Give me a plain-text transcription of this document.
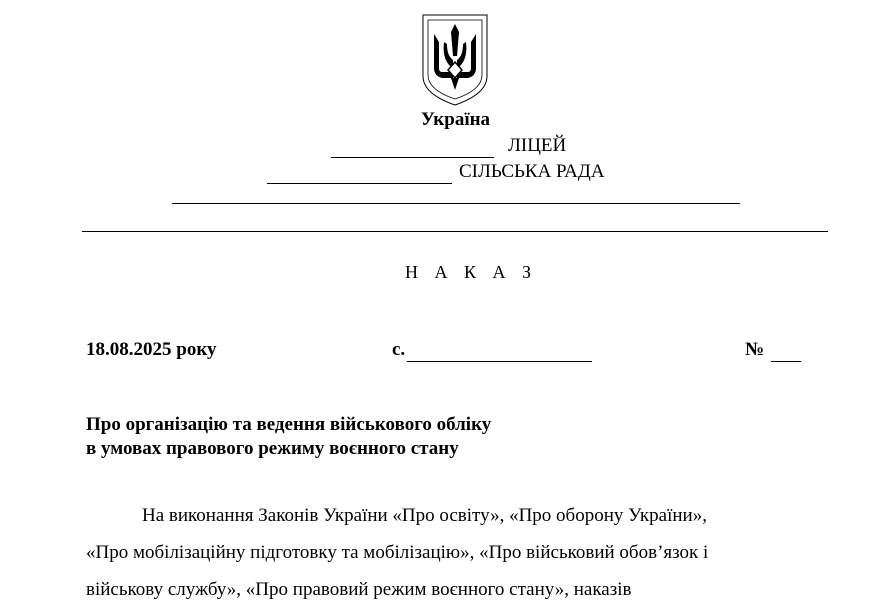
Україна
ЛІЦЕЙ
СІЛЬСЬКА РАДА
Н А К А З
18.08.2025 року	с.	№
Про організацію та ведення військового обліку
в умовах правового режиму воєнного стану
На виконання Законів України «Про освіту», «Про оборону України»,
«Про мобілізаційну підготовку та мобілізацію», «Про військовий обов’язок і
військову службу», «Про правовий режим воєнного стану», наказів
